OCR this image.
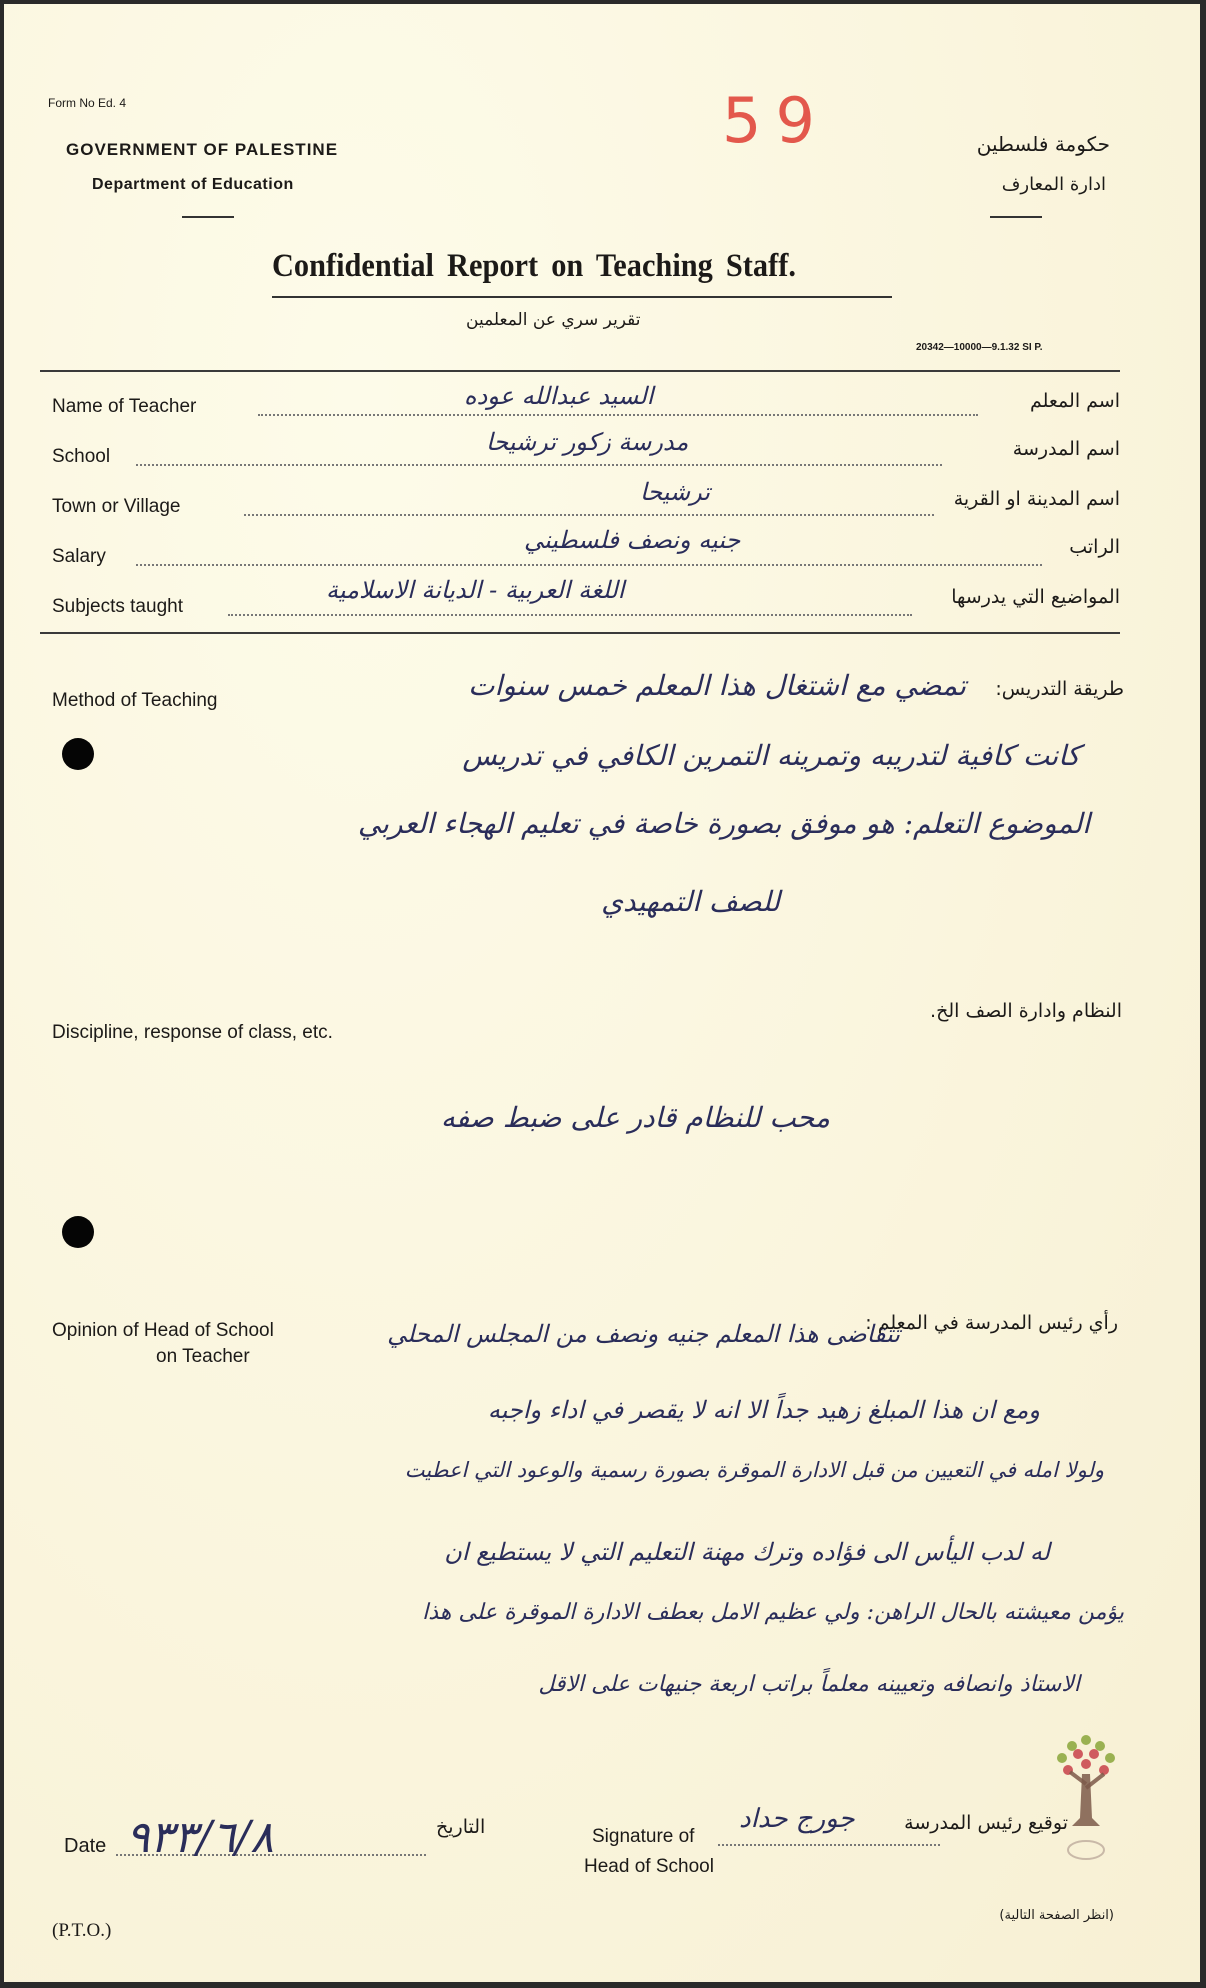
Form No Ed. 4
GOVERNMENT OF PALESTINE
Department of Education
حكومة فلسطين
ادارة المعارف
59
Confidential Report on Teaching Staff.
تقرير سري عن المعلمين
20342—10000—9.1.32 SI P.
Name of Teacher	اسم المعلم
السيد عبدالله عوده
School	اسم المدرسة
مدرسة زكور ترشيحا
Town or Village	اسم المدينة او القرية
ترشيحا
Salary	الراتب
جنيه ونصف فلسطيني
Subjects taught	المواضيع التي يدرسها
اللغة العربية - الديانة الاسلامية
Method of Teaching
طريقة التدريس:
تمضي مع اشتغال هذا المعلم خمس سنوات
كانت كافية لتدريبه وتمرينه التمرين الكافي في تدريس
الموضوع التعلم: هو موفق بصورة خاصة في تعليم الهجاء العربي
للصف التمهيدي
Discipline, response of class, etc.
النظام وادارة الصف الخ.
محب للنظام قادر على ضبط صفه
Opinion of Head of School
on Teacher
رأي رئيس المدرسة في المعلم :
تتقاضى هذا المعلم جنيه ونصف من المجلس المحلي
ومع ان هذا المبلغ زهيد جداً الا انه لا يقصر في اداء واجبه
ولولا امله في التعيين من قبل الادارة الموقرة بصورة رسمية والوعود التي اعطيت
له لدب اليأس الى فؤاده وترك مهنة التعليم التي لا يستطيع ان
يؤمن معيشته بالحال الراهن: ولي عظيم الامل بعطف الادارة الموقرة على هذا
الاستاذ وانصافه وتعيينه معلماً براتب اربعة جنيهات على الاقل
Date ٩٣٣/٦/٨	التاريخ	Signature of
Head of School
جورج حداد	توقيع رئيس المدرسة
(P.T.O.)
(انظر الصفحة التالية)
